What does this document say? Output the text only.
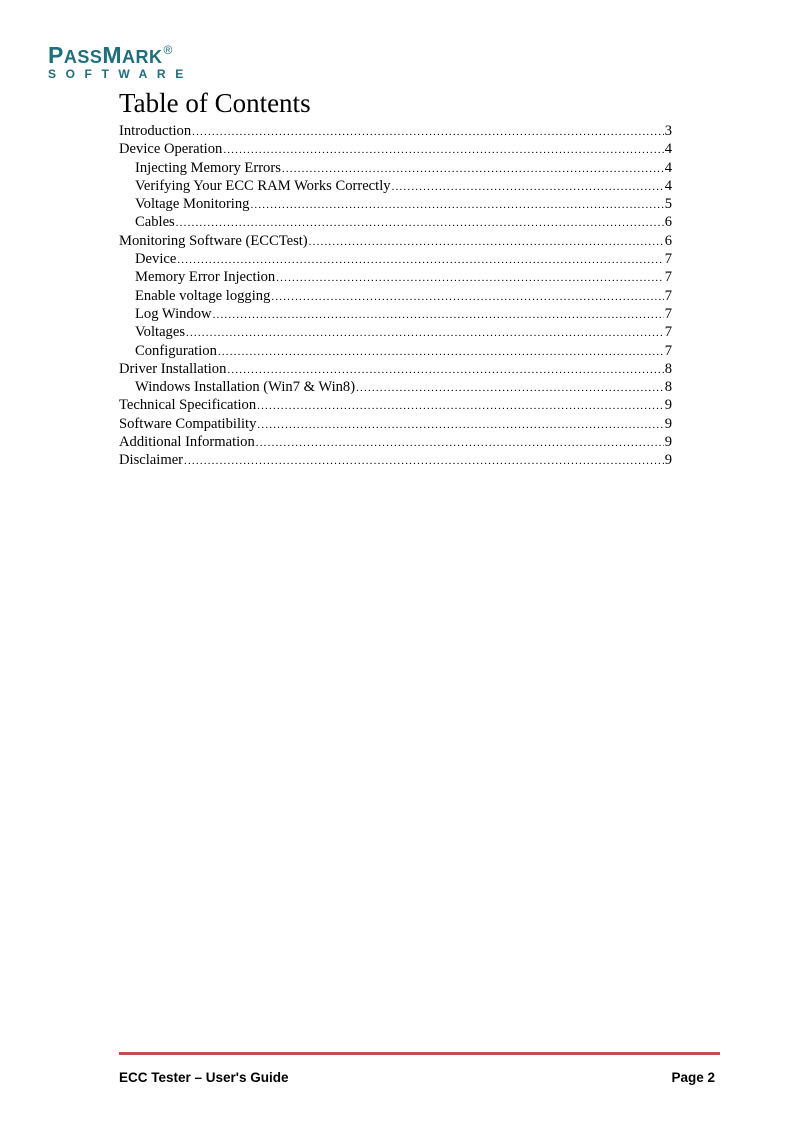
PASSMARK®
SOFTWARE
Table of Contents
Introduction .....	3
Device Operation .....	4
Injecting Memory Errors .....	4
Verifying Your ECC RAM Works Correctly .....	4
Voltage Monitoring .....	5
Cables .....	6
Monitoring Software (ECCTest) .....	6
Device .....	7
Memory Error Injection .....	7
Enable voltage logging .....	7
Log Window .....	7
Voltages .....	7
Configuration .....	7
Driver Installation .....	8
Windows Installation (Win7 & Win8) .....	8
Technical Specification .....	9
Software Compatibility .....	9
Additional Information .....	9
Disclaimer .....	9
ECC Tester – User's Guide	Page 2
